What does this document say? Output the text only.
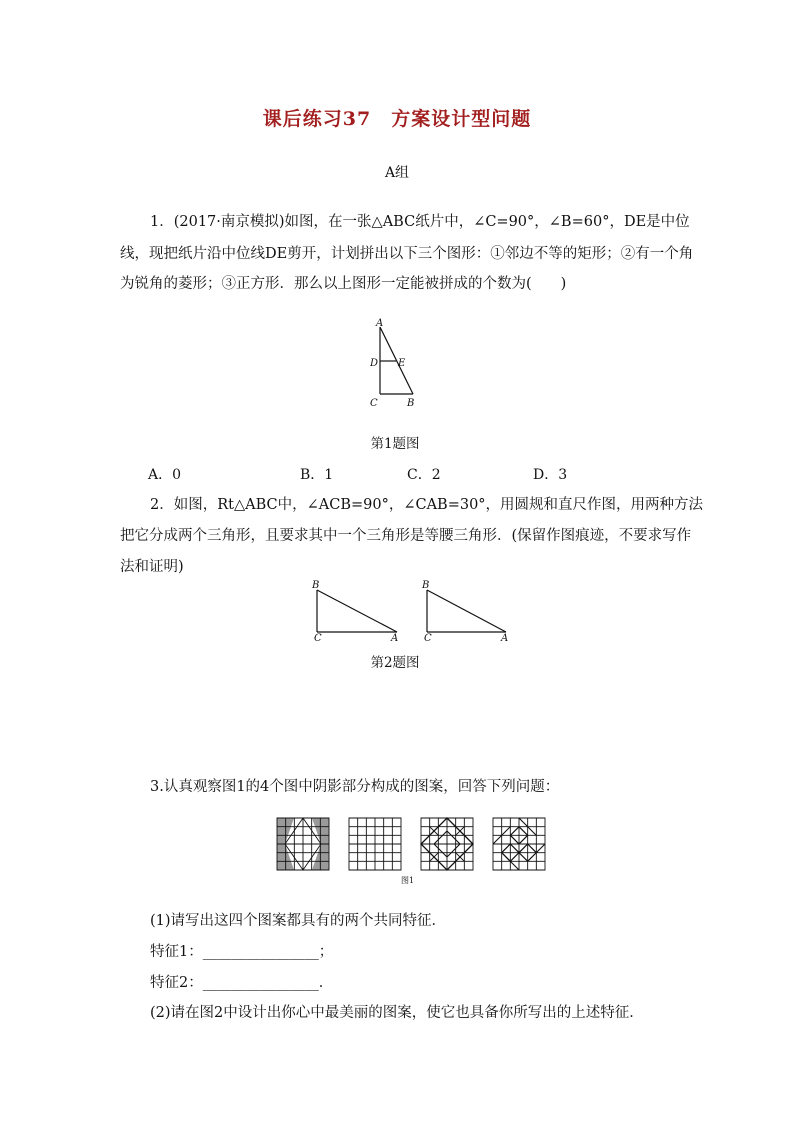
课后练习37　方案设计型问题
A组
1．(2017·南京模拟)如图，在一张△ABC纸片中，∠C=90°，∠B=60°，DE是中位
线，现把纸片沿中位线DE剪开，计划拼出以下三个图形：①邻边不等的矩形；②有一个角
为锐角的菱形；③正方形．那么以上图形一定能被拼成的个数为(　　)
A
D E
C	B
第1题图
A．0	B．1	C．2	D．3
2．如图，Rt△ABC中，∠ACB=90°，∠CAB=30°，用圆规和直尺作图，用两种方法
把它分成两个三角形，且要求其中一个三角形是等腰三角形．(保留作图痕迹，不要求写作
法和证明)
B
C	A
B
C	A
第2题图
3.认真观察图1的4个图中阴影部分构成的图案，回答下列问题：
图1
(1)请写出这四个图案都具有的两个共同特征．
特征1：________________；
特征2：________________．
(2)请在图2中设计出你心中最美丽的图案，使它也具备你所写出的上述特征．
